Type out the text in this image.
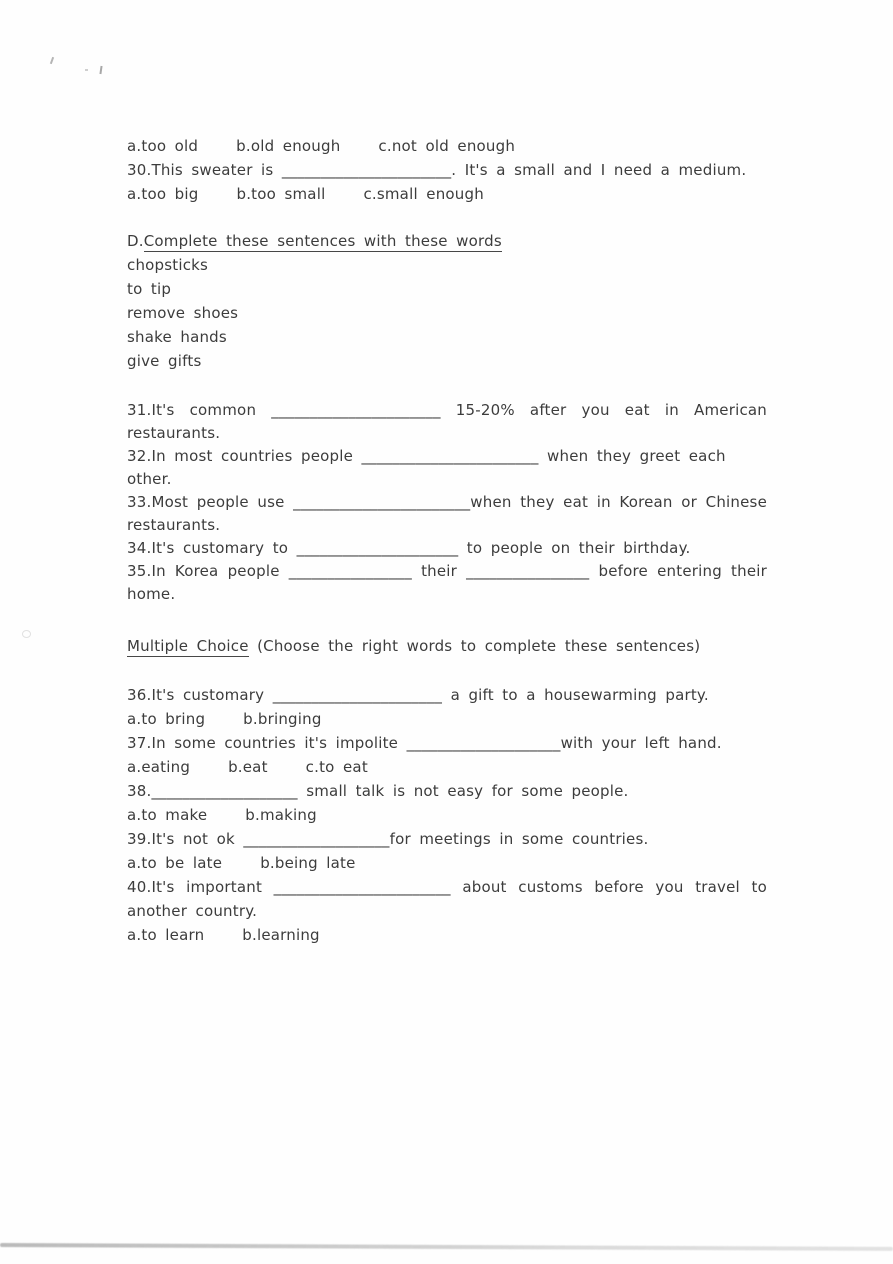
a.too old	b.old enough	c.not old enough
30.This sweater is ______________________. It's a small and I need a medium.
a.too big	b.too small	c.small enough
D.Complete these sentences with these words
chopsticks
to tip
remove shoes
shake hands
give gifts
31.It's common ______________________ 15-20% after you eat in American restaurants.
32.In most countries people _______________________ when they greet each other.
33.Most people use _______________________when they eat in Korean or Chinese restaurants.
34.It's customary to _____________________ to people on their birthday.
35.In Korea people ________________ their ________________ before entering their home.
Multiple Choice (Choose the right words to complete these sentences)
36.It's customary ______________________ a gift to a housewarming party.
a.to bring	b.bringing
37.In some countries it's impolite ____________________with your left hand.
a.eating	b.eat	c.to eat
38.___________________ small talk is not easy for some people.
a.to make	b.making
39.It's not ok ___________________for meetings in some countries.
a.to be late	b.being late
40.It's important _______________________ about customs before you travel to another country.
a.to learn	b.learning
